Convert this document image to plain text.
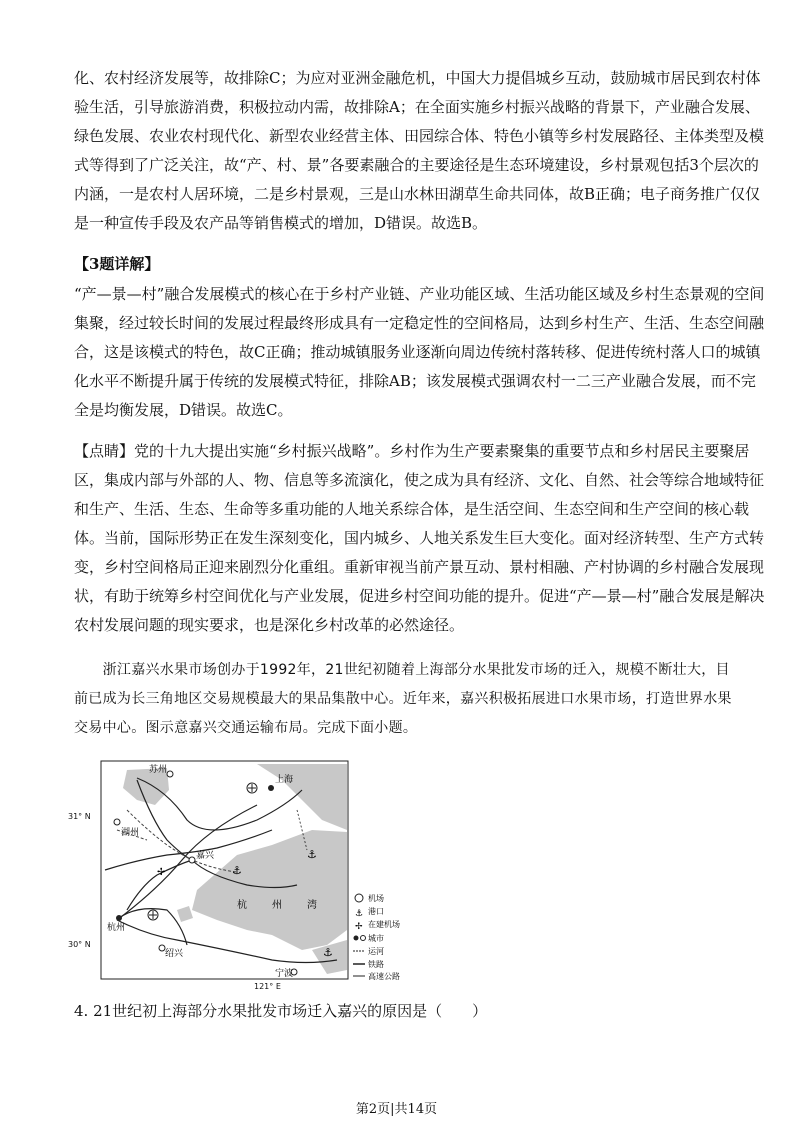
化、农村经济发展等，故排除C；为应对亚洲金融危机，中国大力提倡城乡互动，鼓励城市居民到农村体
验生活，引导旅游消费，积极拉动内需，故排除A；在全面实施乡村振兴战略的背景下，产业融合发展、
绿色发展、农业农村现代化、新型农业经营主体、田园综合体、特色小镇等乡村发展路径、主体类型及模
式等得到了广泛关注，故“产、村、景”各要素融合的主要途径是生态环境建设，乡村景观包括3个层次的
内涵，一是农村人居环境，二是乡村景观，三是山水林田湖草生命共同体，故B正确；电子商务推广仅仅
是一种宣传手段及农产品等销售模式的增加，D错误。故选B。
【3题详解】
“产—景—村”融合发展模式的核心在于乡村产业链、产业功能区域、生活功能区域及乡村生态景观的空间
集聚，经过较长时间的发展过程最终形成具有一定稳定性的空间格局，达到乡村生产、生活、生态空间融
合，这是该模式的特色，故C正确；推动城镇服务业逐渐向周边传统村落转移、促进传统村落人口的城镇
化水平不断提升属于传统的发展模式特征，排除AB；该发展模式强调农村一二三产业融合发展，而不完
全是均衡发展，D错误。故选C。
【点睛】党的十九大提出实施“乡村振兴战略”。乡村作为生产要素聚集的重要节点和乡村居民主要聚居
区，集成内部与外部的人、物、信息等多流演化，使之成为具有经济、文化、自然、社会等综合地域特征
和生产、生活、生态、生命等多重功能的人地关系综合体，是生活空间、生态空间和生产空间的核心载
体。当前，国际形势正在发生深刻变化，国内城乡、人地关系发生巨大变化。面对经济转型、生产方式转
变，乡村空间格局正迎来剧烈分化重组。重新审视当前产景互动、景村相融、产村协调的乡村融合发展现
状，有助于统筹乡村空间优化与产业发展，促进乡村空间功能的提升。促进“产—景—村”融合发展是解决
农村发展问题的现实要求，也是深化乡村改革的必然途径。
　　浙江嘉兴水果市场创办于1992年，21世纪初随着上海部分水果批发市场的迁入，规模不断壮大，目
前已成为长三角地区交易规模最大的果品集散中心。近年来，嘉兴积极拓展进口水果市场，打造世界水果
交易中心。图示意嘉兴交通运输布局。完成下面小题。
⚓
⚓
⚓
✢
苏州
上海
湖州
嘉兴
杭州
绍兴
宁波
杭	州	湾
机场
⚓ 港口
✢ 在建机场
城市
运河
铁路
高速公路
31° N
30° N
121° E
4. 21世纪初上海部分水果批发市场迁入嘉兴的原因是（　　）
第2页|共14页
